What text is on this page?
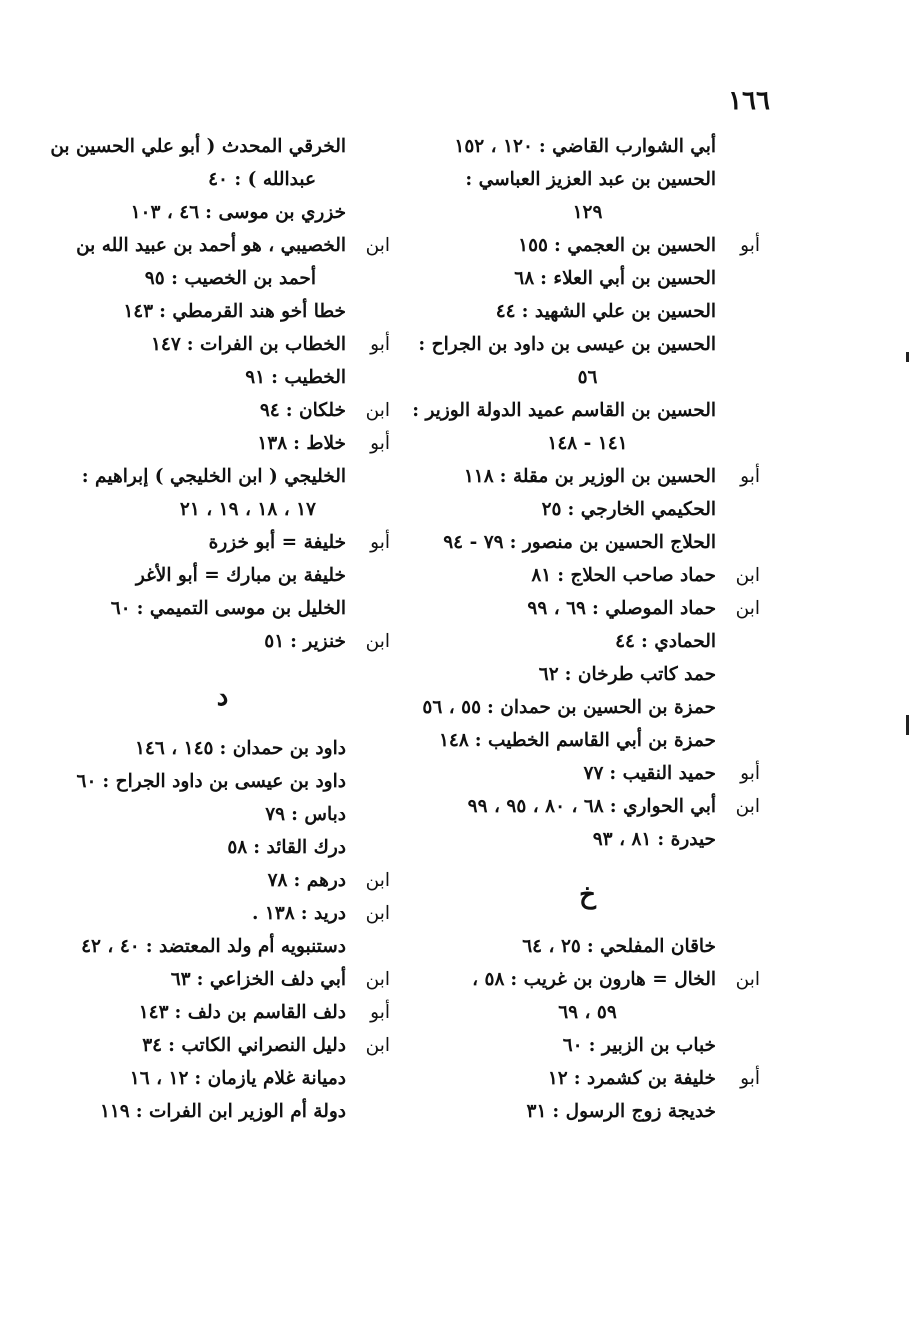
١٦٦
أبي الشوارب القاضي :١٢٠ ، ١٥٢
الحسين بن عبد العزيز العباسي :
١٢٩
أبو
الحسين بن العجمي :١٥٥
الحسين بن أبي العلاء :٦٨
الحسين بن علي الشهيد :٤٤
الحسين بن عيسى بن داود بن الجراح :
٥٦
الحسين بن القاسم عميد الدولة الوزير :
١٤١ - ١٤٨
أبو
الحسين بن الوزير بن مقلة :١١٨
الحكيمي الخارجي :٢٥
الحلاج الحسين بن منصور :٧٩ - ٩٤
ابن
حماد صاحب الحلاج :٨١
ابن
حماد الموصلي :٦٩ ، ٩٩
الحمادي :٤٤
حمد كاتب طرخان :٦٢
حمزة بن الحسين بن حمدان :٥٥ ، ٥٦
حمزة بن أبي القاسم الخطيب :١٤٨
أبو
حميد النقيب :٧٧
ابن
أبي الحواري :٦٨ ، ٨٠ ، ٩٥ ، ٩٩
حيدرة :٨١ ، ٩٣
خ
خاقان المفلحي :٢٥ ، ٦٤
ابن
الخال = هارون بن غريب :٥٨ ،
٥٩ ، ٦٩
خباب بن الزبير :٦٠
أبو
خليفة بن كشمرد :١٢
خديجة زوج الرسول :٣١
الخرقي المحدث ( أبو علي الحسين بن
عبدالله ) : ٤٠
خزري بن موسى :٤٦ ، ١٠٣
ابن
الخصيبي ، هو أحمد بن عبيد الله بن
أحمد بن الخصيب : ٩٥
خطا أخو هند القرمطي :١٤٣
أبو
الخطاب بن الفرات :١٤٧
الخطيب :٩١
ابن
خلكان :٩٤
أبو
خلاط :١٣٨
الخليجي ( ابن الخليجي ) إبراهيم :
١٧ ، ١٨ ، ١٩ ، ٢١
أبو
خليفة = أبو خزرة
خليفة بن مبارك = أبو الأغر
الخليل بن موسى التميمي :٦٠
ابن
خنزير :٥١
د
داود بن حمدان :١٤٥ ، ١٤٦
داود بن عيسى بن داود الجراح :٦٠
دباس :٧٩
درك القائد :٥٨
ابن
درهم :٧٨
ابن
دريد :١٣٨ .
دستنبويه أم ولد المعتضد :٤٠ ، ٤٢
ابن
أبي دلف الخزاعي :٦٣
أبو
دلف القاسم بن دلف :١٤٣
ابن
دليل النصراني الكاتب :٣٤
دميانة غلام يازمان :١٢ ، ١٦
دولة أم الوزير ابن الفرات :١١٩
